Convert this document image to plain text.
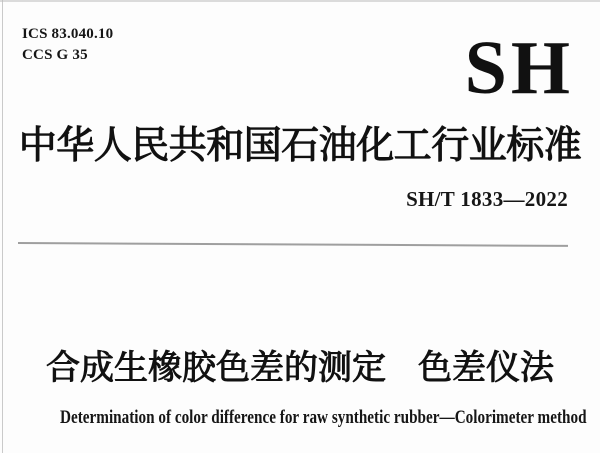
ICS 83.040.10
CCS G 35	SH
中华人民共和国石油化工行业标准
SH/T 1833—2022
合成生橡胶色差的测定 色差仪法
Determination of color difference for raw synthetic rubber—Colorimeter method
